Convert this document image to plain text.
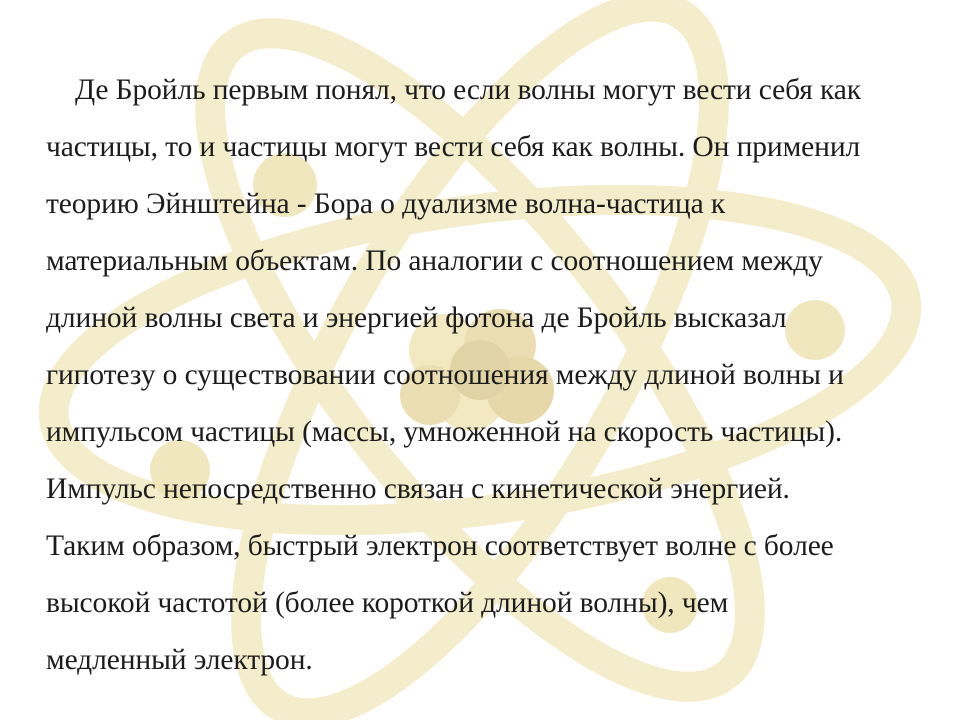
Де Бройль первым понял, что если волны могут вести себя как
частицы, то и частицы могут вести себя как волны. Он применил
теорию Эйнштейна - Бора о дуализме волна-частица к
материальным объектам. По аналогии с соотношением между
длиной волны света и энергией фотона де Бройль высказал
гипотезу о существовании соотношения между длиной волны и
импульсом частицы (массы, умноженной на скорость частицы).
Импульс непосредственно связан с кинетической энергией.
Таким образом, быстрый электрон соответствует волне с более
высокой частотой (более короткой длиной волны), чем
медленный электрон.
